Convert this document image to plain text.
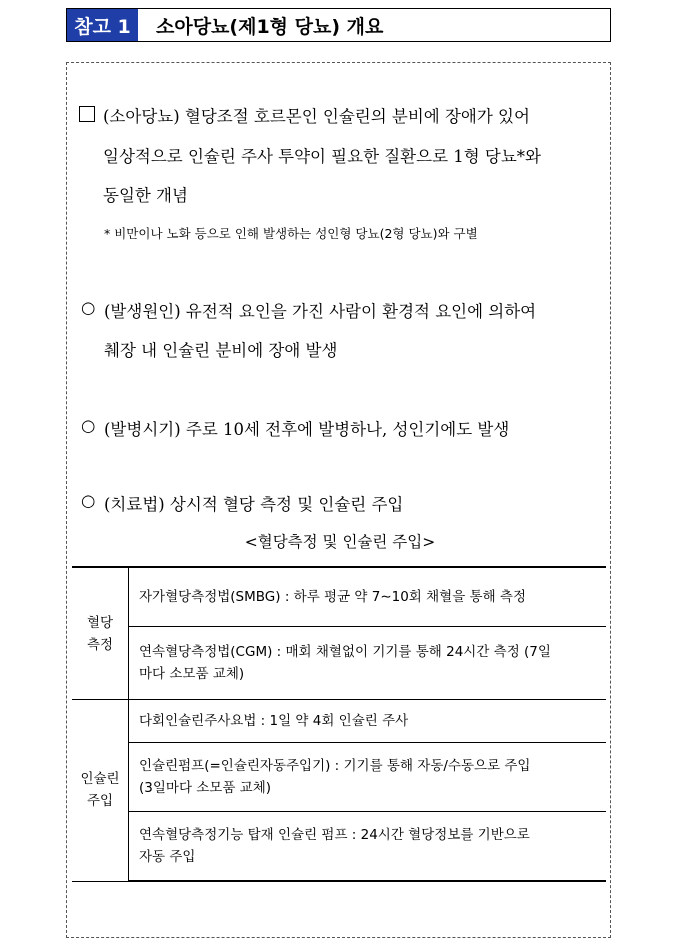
참고 1	소아당뇨(제1형 당뇨) 개요
(소아당뇨) 혈당조절 호르몬인 인슐린의 분비에 장애가 있어
일상적으로 인슐린 주사 투약이 필요한 질환으로 1형 당뇨*와
동일한 개념
* 비만이나 노화 등으로 인해 발생하는 성인형 당뇨(2형 당뇨)와 구별
○ (발생원인) 유전적 요인을 가진 사람이 환경적 요인에 의하여
췌장 내 인슐린 분비에 장애 발생
○ (발병시기) 주로 10세 전후에 발병하나, 성인기에도 발생
○ (치료법) 상시적 혈당 측정 및 인슐린 주입
<혈당측정 및 인슐린 주입>
혈당
측정	자가혈당측정법(SMBG) : 하루 평균 약 7∼10회 채혈을 통해 측정

	연속혈당측정법(CGM) : 매회 채혈없이 기기를 통해 24시간 측정 (7일
마다 소모품 교체)

인슐린
주입	다회인슐린주사요법 : 1일 약 4회 인슐린 주사

	인슐린펌프(=인슐린자동주입기) : 기기를 통해 자동/수동으로 주입
(3일마다 소모품 교체)

	연속혈당측정기능 탑재 인슐린 펌프 : 24시간 혈당정보를 기반으로
자동 주입
